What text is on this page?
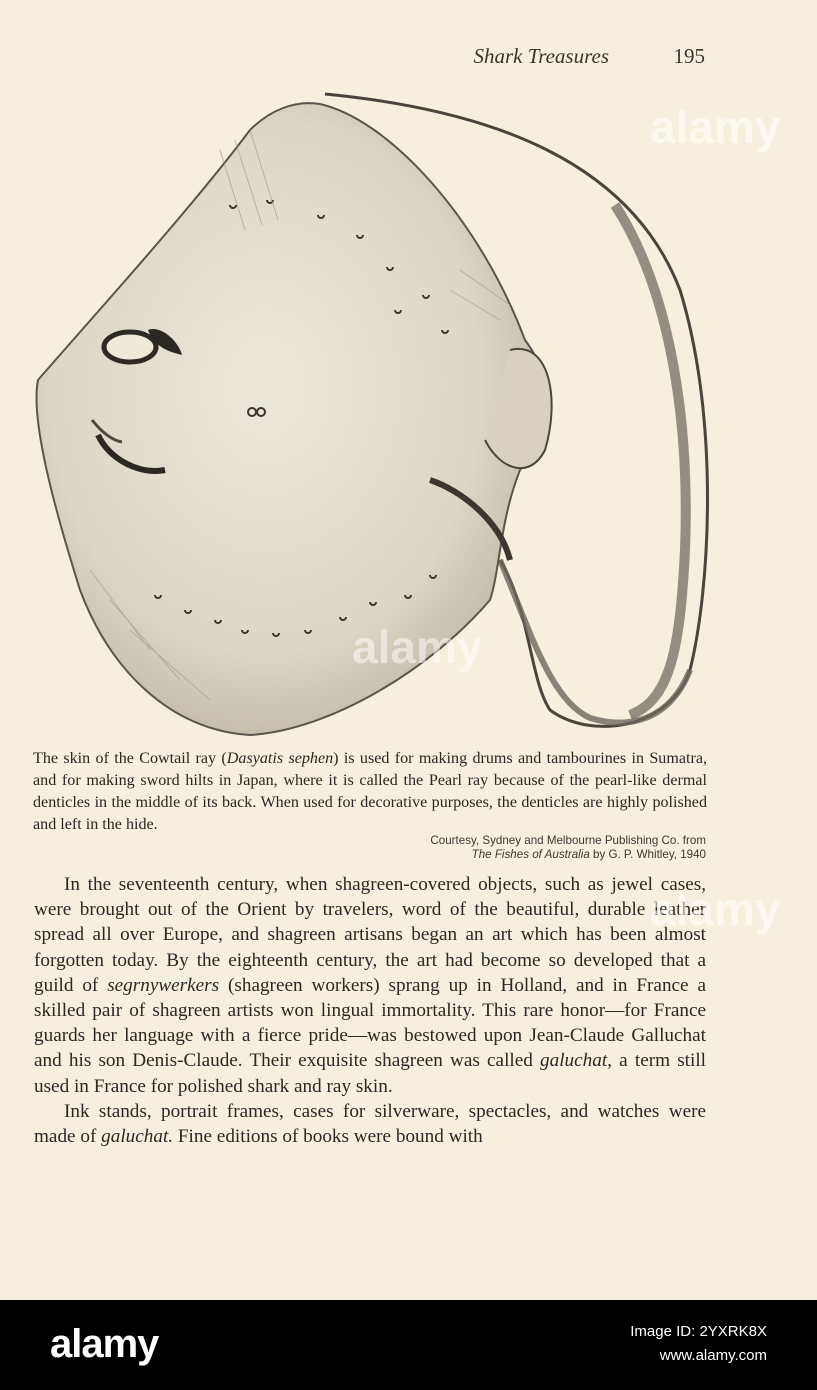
Shark Treasures	195
The skin of the Cowtail ray (Dasyatis sephen) is used for making drums and tambourines in Sumatra, and for making sword hilts in Japan, where it is called the Pearl ray because of the pearl-like dermal denticles in the middle of its back. When used for decorative purposes, the denticles are highly polished and left in the hide.
Courtesy, Sydney and Melbourne Publishing Co. from
The Fishes of Australia by G. P. Whitley, 1940

In the seventeenth century, when shagreen-covered objects, such as jewel cases, were brought out of the Orient by travelers, word of the beautiful, durable leather spread all over Europe, and shagreen artisans began an art which has been almost forgotten today. By the eighteenth century, the art had become so developed that a guild of segrnywerkers (shagreen workers) sprang up in Holland, and in France a skilled pair of shagreen artists won lingual immortality. This rare honor—for France guards her language with a fierce pride—was bestowed upon Jean-Claude Galluchat and his son Denis-Claude. Their exquisite shagreen was called galuchat, a term still used in France for polished shark and ray skin.

Ink stands, portrait frames, cases for silverware, spectacles, and watches were made of galuchat. Fine editions of books were bound with

alamy
alamy
alamy
alamy	Image ID: 2YXRK8X
www.alamy.com
